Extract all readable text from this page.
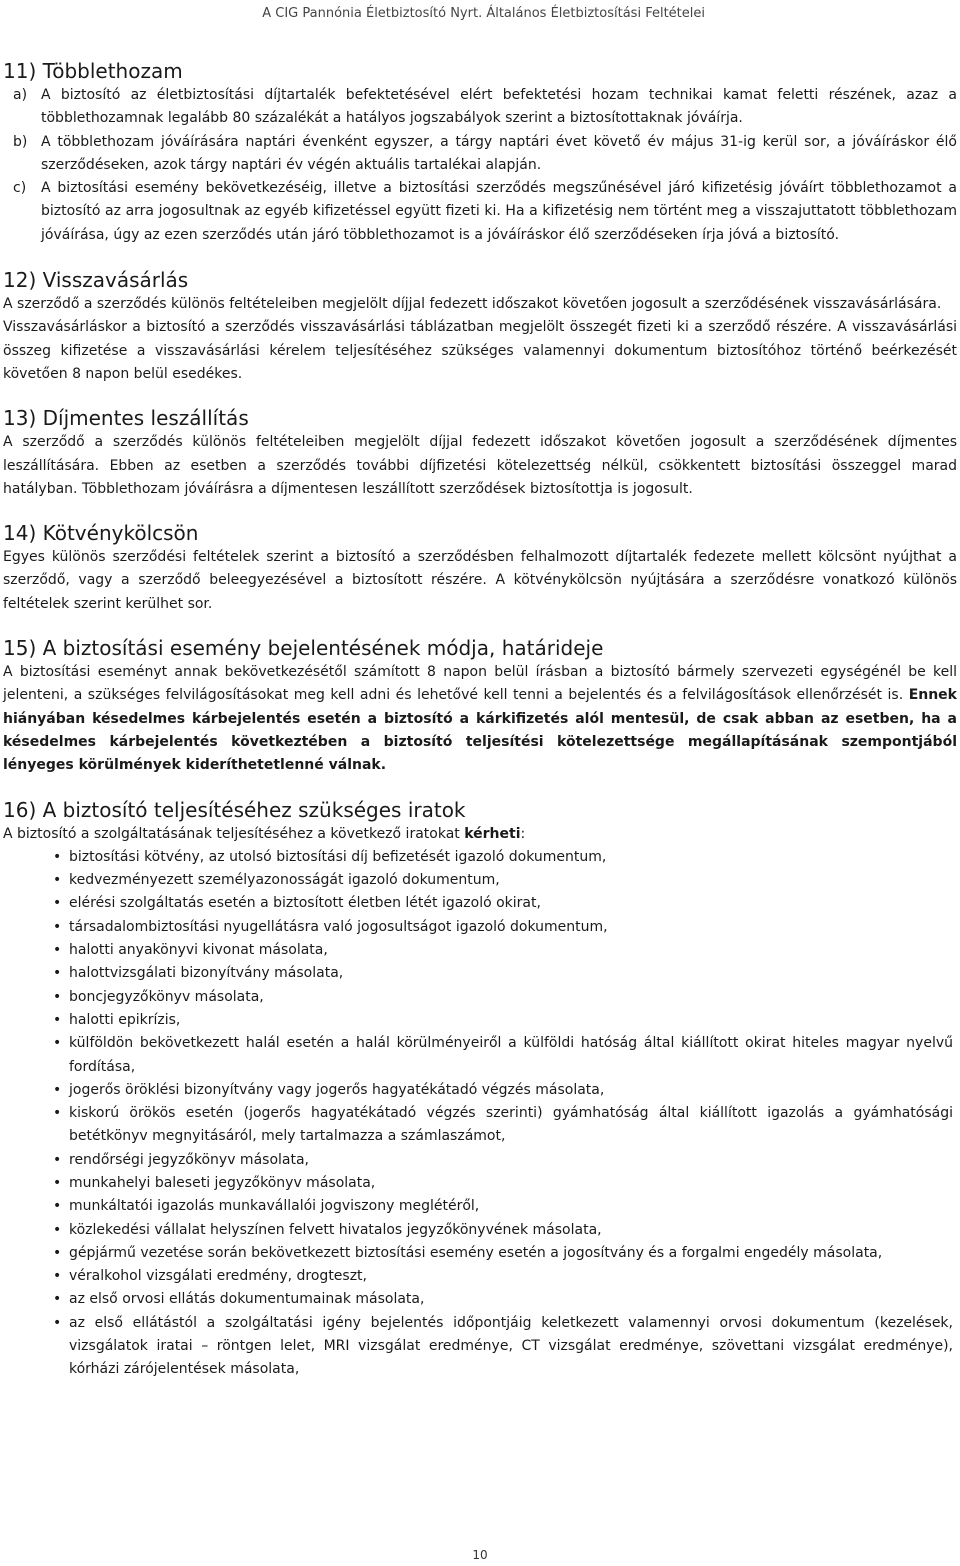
A CIG Pannónia Életbiztosító Nyrt. Általános Életbiztosítási Feltételei
11) Többlethozam
a) A biztosító az életbiztosítási díjtartalék befektetésével elért befektetési hozam technikai kamat feletti részének, azaz a többlethozamnak legalább 80 százalékát a hatályos jogszabályok szerint a biztosítottaknak jóváírja.
b) A többlethozam jóváírására naptári évenként egyszer, a tárgy naptári évet követő év május 31-ig kerül sor, a jóváíráskor élő szerződéseken, azok tárgy naptári év végén aktuális tartalékai alapján.
c) A biztosítási esemény bekövetkezéséig, illetve a biztosítási szerződés megszűnésével járó kifizetésig jóváírt többlethozamot a biztosító az arra jogosultnak az egyéb kifizetéssel együtt fizeti ki. Ha a kifizetésig nem történt meg a visszajuttatott többlethozam jóváírása, úgy az ezen szerződés után járó többlethozamot is a jóváíráskor élő szerződéseken írja jóvá a biztosító.
12) Visszavásárlás

A szerződő a szerződés különös feltételeiben megjelölt díjjal fedezett időszakot követően jogosult a szerződésének visszavásárlására.

Visszavásárláskor a biztosító a szerződés visszavásárlási táblázatban megjelölt összegét fizeti ki a szerződő részére. A visszavásárlási összeg kifizetése a visszavásárlási kérelem teljesítéséhez szükséges valamennyi dokumentum biztosítóhoz történő beérkezését követően 8 napon belül esedékes.

13) Díjmentes leszállítás

A szerződő a szerződés különös feltételeiben megjelölt díjjal fedezett időszakot követően jogosult a szerződésének díjmentes leszállítására. Ebben az esetben a szerződés további díjfizetési kötelezettség nélkül, csökkentett biztosítási összeggel marad hatályban. Többlethozam jóváírásra a díjmentesen leszállított szerződések biztosítottja is jogosult.

14) Kötvénykölcsön

Egyes különös szerződési feltételek szerint a biztosító a szerződésben felhalmozott díjtartalék fedezete mellett kölcsönt nyújthat a szerződő, vagy a szerződő beleegyezésével a biztosított részére. A kötvénykölcsön nyújtására a szerződésre vonatkozó különös feltételek szerint kerülhet sor.

15) A biztosítási esemény bejelentésének módja, határideje

A biztosítási eseményt annak bekövetkezésétől számított 8 napon belül írásban a biztosító bármely szervezeti egységénél be kell jelenteni, a szükséges felvilágosításokat meg kell adni és lehetővé kell tenni a bejelentés és a felvilágosítások ellenőrzését is. Ennek hiányában késedelmes kárbejelentés esetén a biztosító a kárkifizetés alól mentesül, de csak abban az esetben, ha a késedelmes kárbejelentés következtében a biztosító teljesítési kötelezettsége megállapításának szempontjából lényeges körülmények kideríthetetlenné válnak.

16) A biztosító teljesítéséhez szükséges iratok

A biztosító a szolgáltatásának teljesítéséhez a következő iratokat kérheti:

• biztosítási kötvény, az utolsó biztosítási díj befizetését igazoló dokumentum,
• kedvezményezett személyazonosságát igazoló dokumentum,
• elérési szolgáltatás esetén a biztosított életben létét igazoló okirat,
• társadalombiztosítási nyugellátásra való jogosultságot igazoló dokumentum,
• halotti anyakönyvi kivonat másolata,
• halottvizsgálati bizonyítvány másolata,
• boncjegyzőkönyv másolata,
• halotti epikrízis,
• külföldön bekövetkezett halál esetén a halál körülményeiről a külföldi hatóság által kiállított okirat hiteles magyar nyelvű fordítása,
• jogerős öröklési bizonyítvány vagy jogerős hagyatékátadó végzés másolata,
• kiskorú örökös esetén (jogerős hagyatékátadó végzés szerinti) gyámhatóság által kiállított igazolás a gyámhatósági betétkönyv megnyitásáról, mely tartalmazza a számlaszámot,
• rendőrségi jegyzőkönyv másolata,
• munkahelyi baleseti jegyzőkönyv másolata,
• munkáltatói igazolás munkavállalói jogviszony meglétéről,
• közlekedési vállalat helyszínen felvett hivatalos jegyzőkönyvének másolata,
• gépjármű vezetése során bekövetkezett biztosítási esemény esetén a jogosítvány és a forgalmi engedély másolata,
• véralkohol vizsgálati eredmény, drogteszt,
• az első orvosi ellátás dokumentumainak másolata,
• az első ellátástól a szolgáltatási igény bejelentés időpontjáig keletkezett valamennyi orvosi dokumentum (kezelések, vizsgálatok iratai – röntgen lelet, MRI vizsgálat eredménye, CT vizsgálat eredménye, szövettani vizsgálat eredménye), kórházi zárójelentések másolata,
10
